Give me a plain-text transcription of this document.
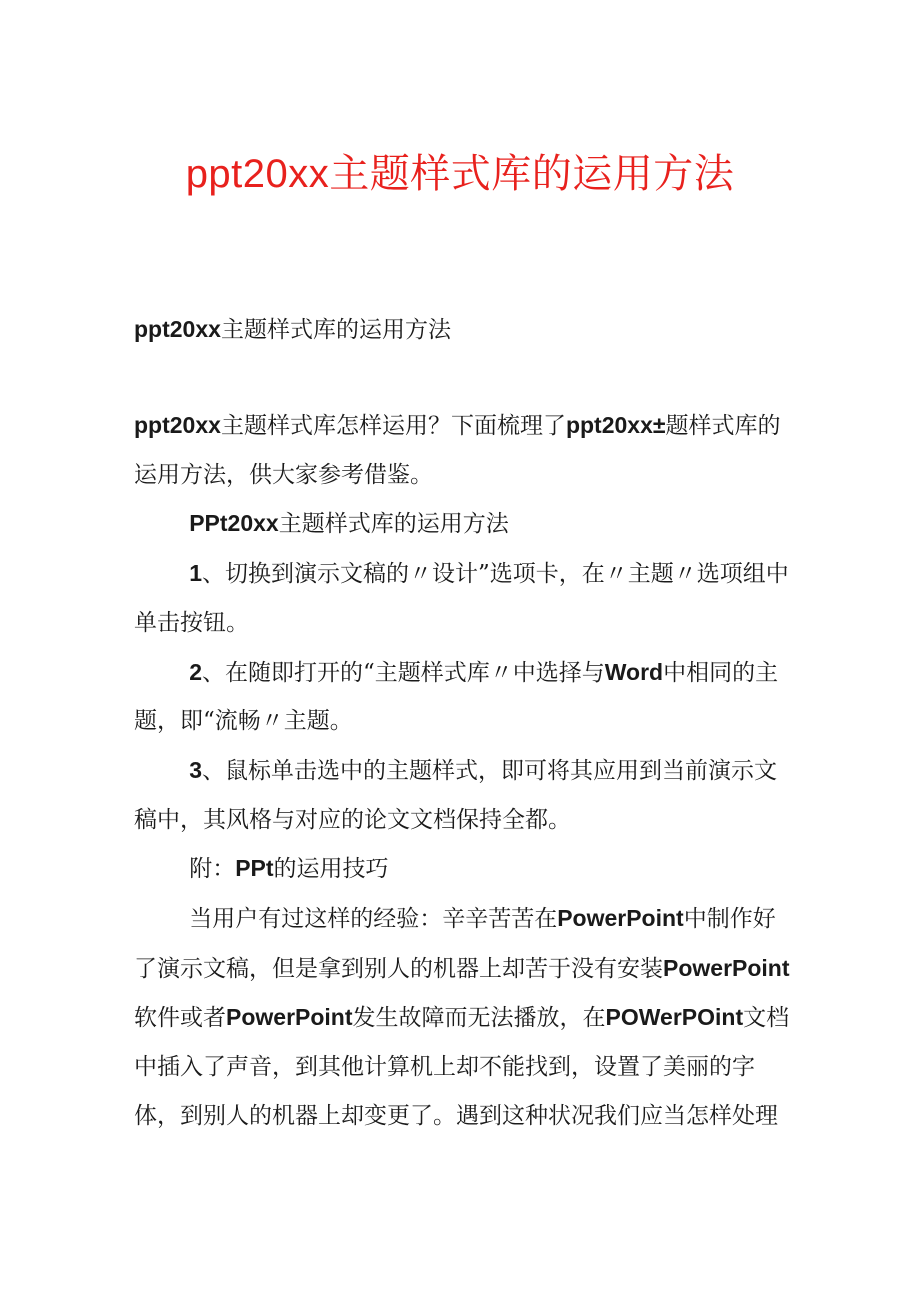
ppt20xx主题样式库的运用方法
ppt20xx主题样式库的运用方法

ppt20xx主题样式库怎样运用？下面梳理了ppt20xx±题样式库的运用方法，供大家参考借鉴。

PPt20xx主题样式库的运用方法

1、切换到演示文稿的〃设计”选项卡，在〃主题〃选项组中单击按钮。

2、在随即打开的“主题样式库〃中选择与Word中相同的主题，即“流畅〃主题。

3、鼠标单击选中的主题样式，即可将其应用到当前演示文稿中，其风格与对应的论文文档保持全都。

附：PPt的运用技巧

当用户有过这样的经验：辛辛苦苦在PowerPoint中制作好了演示文稿，但是拿到别人的机器上却苦于没有安装PowerPoint软件或者PowerPoint发生故障而无法播放，在POWerPOint文档中插入了声音，到其他计算机上却不能找到，设置了美丽的字体，到别人的机器上却变更了。遇到这种状况我们应当怎样处理
